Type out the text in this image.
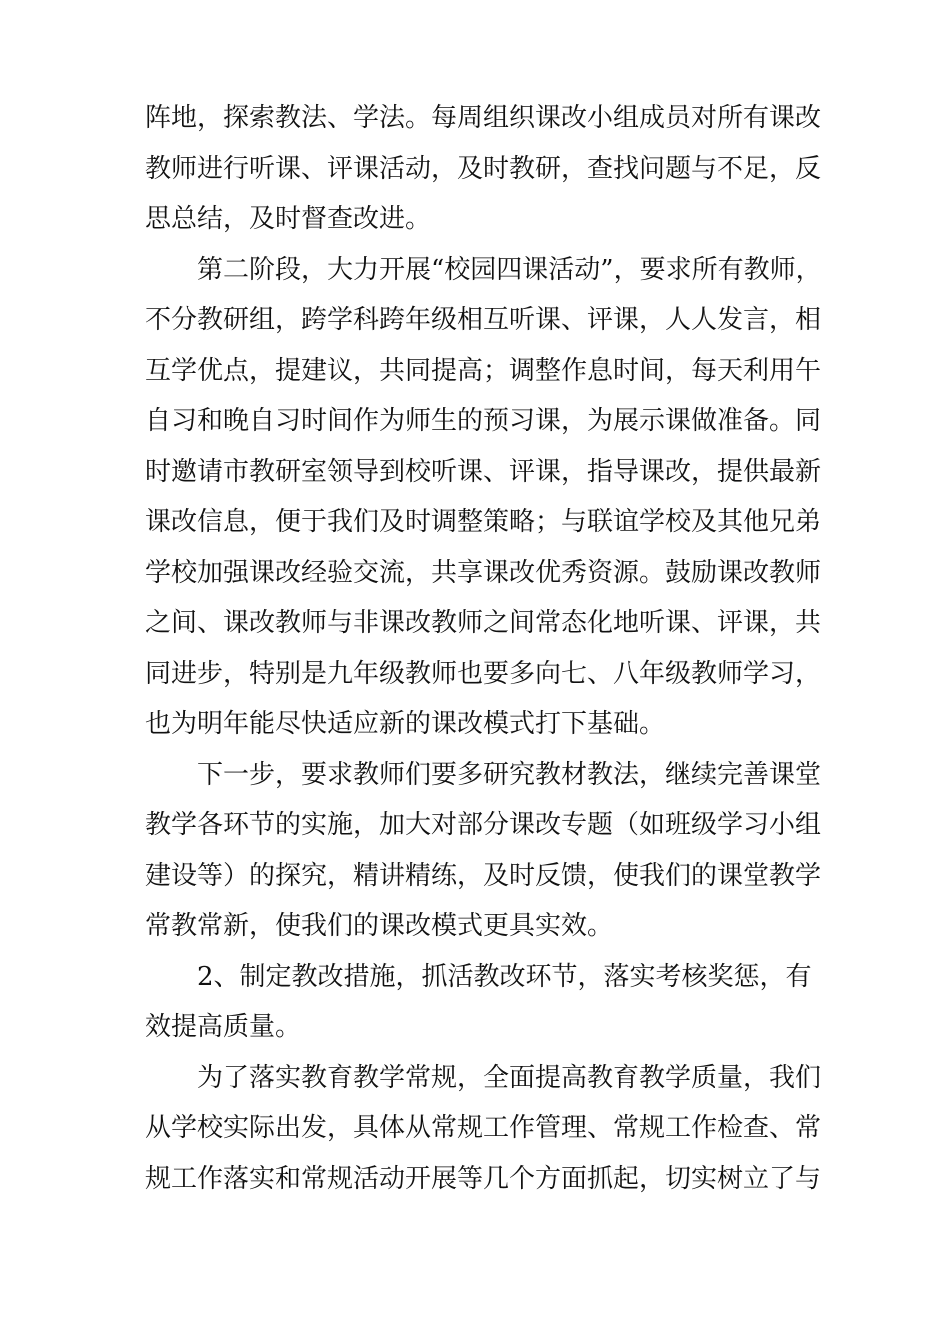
阵地，探索教法、学法。每周组织课改小组成员对所有课改
教师进行听课、评课活动，及时教研，查找问题与不足，反
思总结，及时督查改进。
第二阶段，大力开展“校园四课活动”，要求所有教师，
不分教研组，跨学科跨年级相互听课、评课，人人发言，相
互学优点，提建议，共同提高；调整作息时间，每天利用午
自习和晚自习时间作为师生的预习课，为展示课做准备。同
时邀请市教研室领导到校听课、评课，指导课改，提供最新
课改信息，便于我们及时调整策略；与联谊学校及其他兄弟
学校加强课改经验交流，共享课改优秀资源。鼓励课改教师
之间、课改教师与非课改教师之间常态化地听课、评课，共
同进步，特别是九年级教师也要多向七、八年级教师学习，
也为明年能尽快适应新的课改模式打下基础。
下一步，要求教师们要多研究教材教法，继续完善课堂
教学各环节的实施，加大对部分课改专题（如班级学习小组
建设等）的探究，精讲精练，及时反馈，使我们的课堂教学
常教常新，使我们的课改模式更具实效。
2、制定教改措施，抓活教改环节，落实考核奖惩，有
效提高质量。
为了落实教育教学常规，全面提高教育教学质量，我们
从学校实际出发，具体从常规工作管理、常规工作检查、常
规工作落实和常规活动开展等几个方面抓起，切实树立了与
